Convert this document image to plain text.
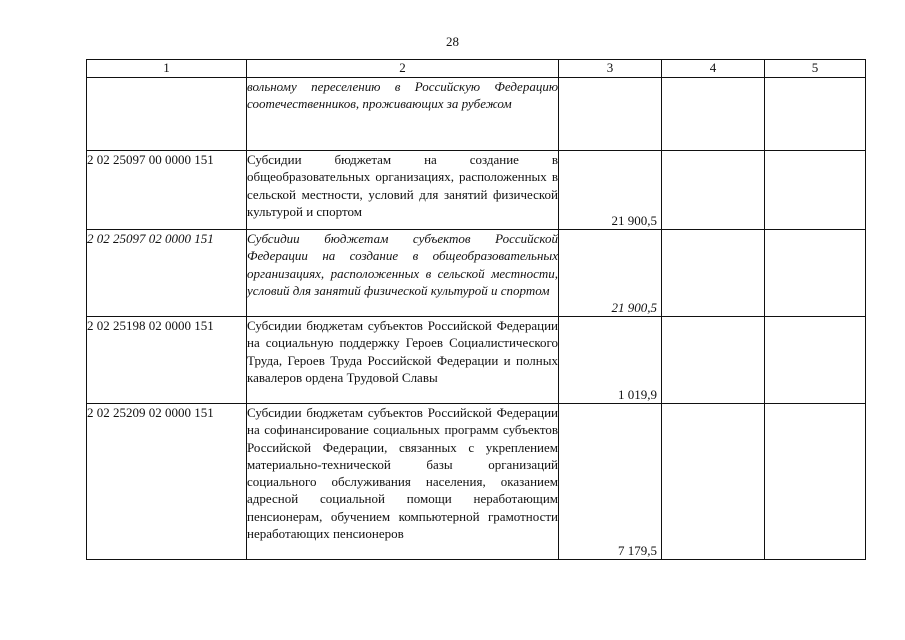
28
1	2	3	4	5
	вольному переселению в Российскую Федерацию соотечественников, проживающих за рубежом	

2 02 25097 00 0000 151	Субсидии бюджетам на создание в общеобразовательных организациях, расположенных в сельской местности, условий для занятий физической культурой и спортом	21 900,5		

2 02 25097 02 0000 151	Субсидии бюджетам субъектов Российской Федерации на создание в общеобразовательных организациях, расположенных в сельской местности, условий для занятий физической культурой и спортом	21 900,5		

2 02 25198 02 0000 151	Субсидии бюджетам субъектов Российской Федерации на социальную поддержку Героев Социалистического Труда, Героев Труда Российской Федерации и полных кавалеров ордена Трудовой Славы	1 019,9		

2 02 25209 02 0000 151	Субсидии бюджетам субъектов Российской Федерации на софинансирование социальных программ субъектов Российской Федерации, связанных с укреплением материально-технической базы организаций социального обслуживания населения, оказанием адресной социальной помощи неработающим пенсионерам, обучением компьютерной грамотности неработающих пенсионеров	7 179,5		
